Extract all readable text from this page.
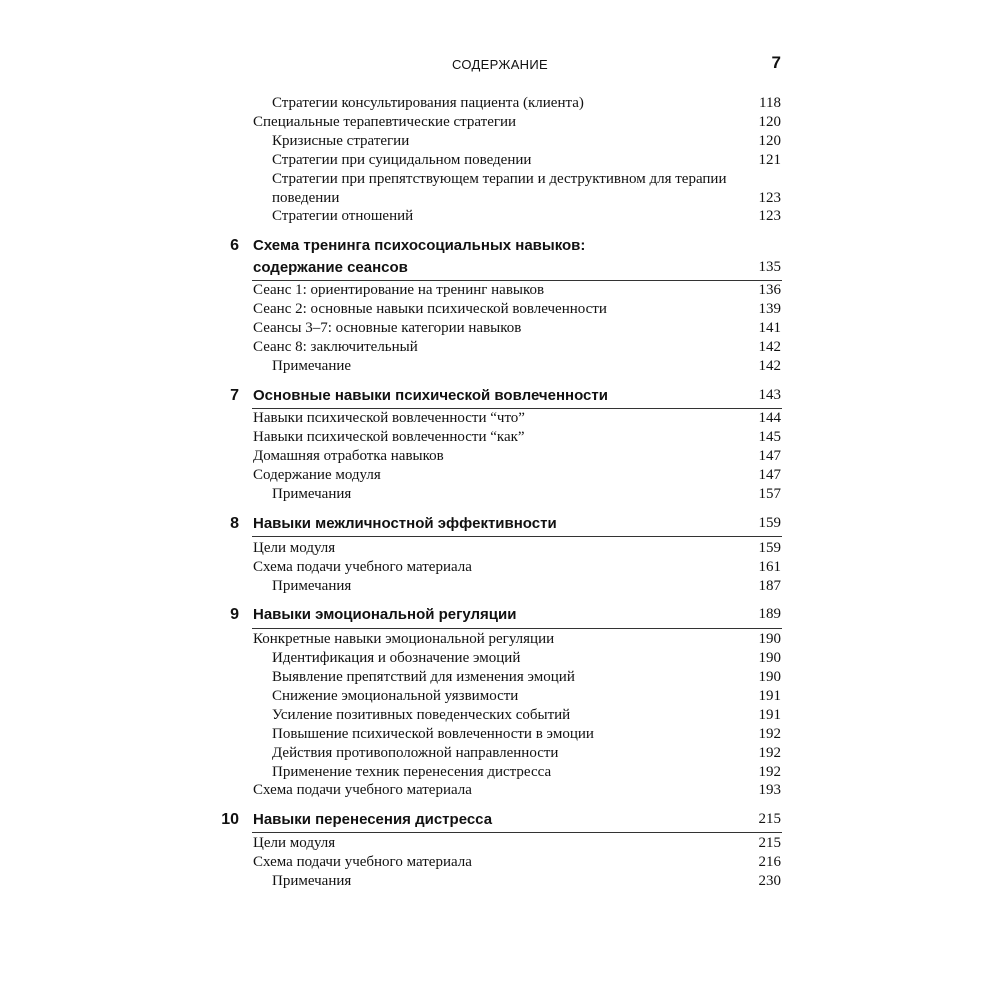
СОДЕРЖАНИЕ	7
Стратегии консультирования пациента (клиента)	118
Специальные терапевтические стратегии	120
Кризисные стратегии	120
Стратегии при суицидальном поведении	121
Стратегии при препятствующем терапии и деструктивном для терапии
поведении	123
Стратегии отношений	123
6 Схема тренинга психосоциальных навыков:
содержание сеансов	135
Сеанс 1: ориентирование на тренинг навыков	136
Сеанс 2: основные навыки психической вовлеченности	139
Сеансы 3–7: основные категории навыков	141
Сеанс 8: заключительный	142
Примечание	142
7 Основные навыки психической вовлеченности	143
Навыки психической вовлеченности “что”	144
Навыки психической вовлеченности “как”	145
Домашняя отработка навыков	147
Содержание модуля	147
Примечания	157
8 Навыки межличностной эффективности	159
Цели модуля	159
Схема подачи учебного материала	161
Примечания	187
9 Навыки эмоциональной регуляции	189
Конкретные навыки эмоциональной регуляции	190
Идентификация и обозначение эмоций	190
Выявление препятствий для изменения эмоций	190
Снижение эмоциональной уязвимости	191
Усиление позитивных поведенческих событий	191
Повышение психической вовлеченности в эмоции	192
Действия противоположной направленности	192
Применение техник перенесения дистресса	192
Схема подачи учебного материала	193
10 Навыки перенесения дистресса	215
Цели модуля	215
Схема подачи учебного материала	216
Примечания	230
